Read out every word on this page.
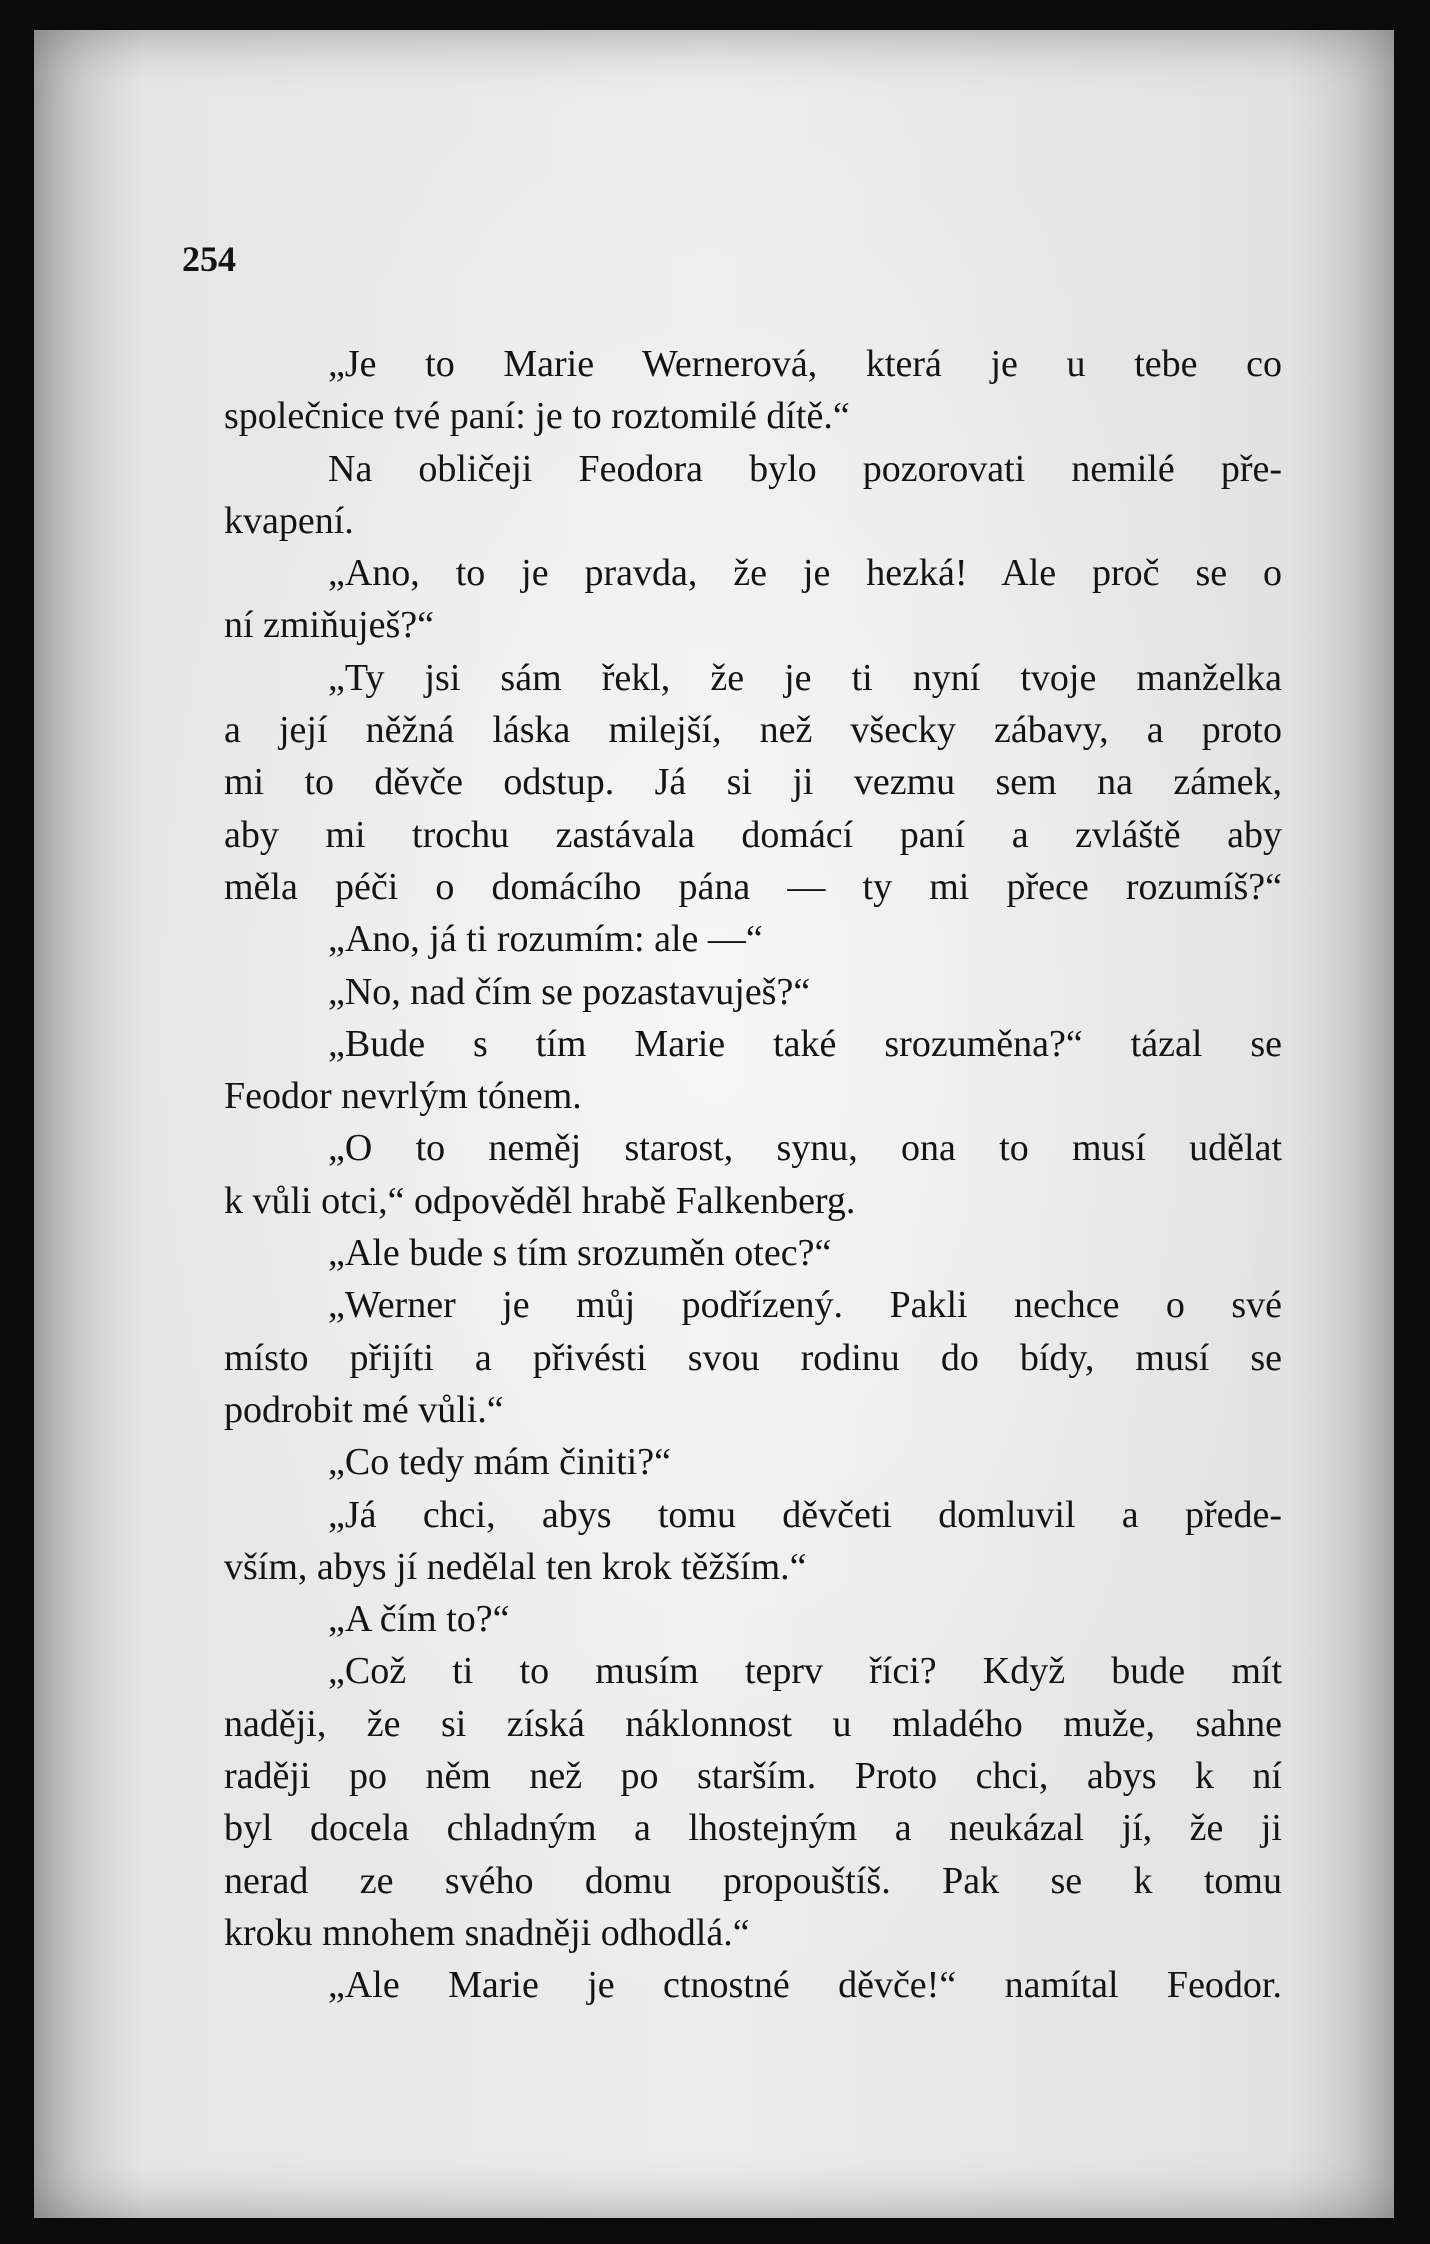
254
„Je to Marie Wernerová, která je u tebe co
společnice tvé paní: je to roztomilé dítě.“
Na obličeji Feodora bylo pozorovati nemilé pře-
kvapení.
„Ano, to je pravda, že je hezká! Ale proč se o
ní zmiňuješ?“
„Ty jsi sám řekl, že je ti nyní tvoje manželka
a její něžná láska milejší, než všecky zábavy, a proto
mi to děvče odstup. Já si ji vezmu sem na zámek,
aby mi trochu zastávala domácí paní a zvláště aby
měla péči o domácího pána — ty mi přece rozumíš?“
„Ano, já ti rozumím: ale —“
„No, nad čím se pozastavuješ?“
„Bude s tím Marie také srozuměna?“ tázal se
Feodor nevrlým tónem.
„O to neměj starost, synu, ona to musí udělat
k vůli otci,“ odpověděl hrabě Falkenberg.
„Ale bude s tím srozuměn otec?“
„Werner je můj podřízený. Pakli nechce o své
místo přijíti a přivésti svou rodinu do bídy, musí se
podrobit mé vůli.“
„Co tedy mám činiti?“
„Já chci, abys tomu děvčeti domluvil a přede-
vším, abys jí nedělal ten krok těžším.“
„A čím to?“
„Což ti to musím teprv říci? Když bude mít
naději, že si získá náklonnost u mladého muže, sahne
raději po něm než po starším. Proto chci, abys k ní
byl docela chladným a lhostejným a neukázal jí, že ji
nerad ze svého domu propouštíš. Pak se k tomu
kroku mnohem snadněji odhodlá.“
„Ale Marie je ctnostné děvče!“ namítal Feodor.
